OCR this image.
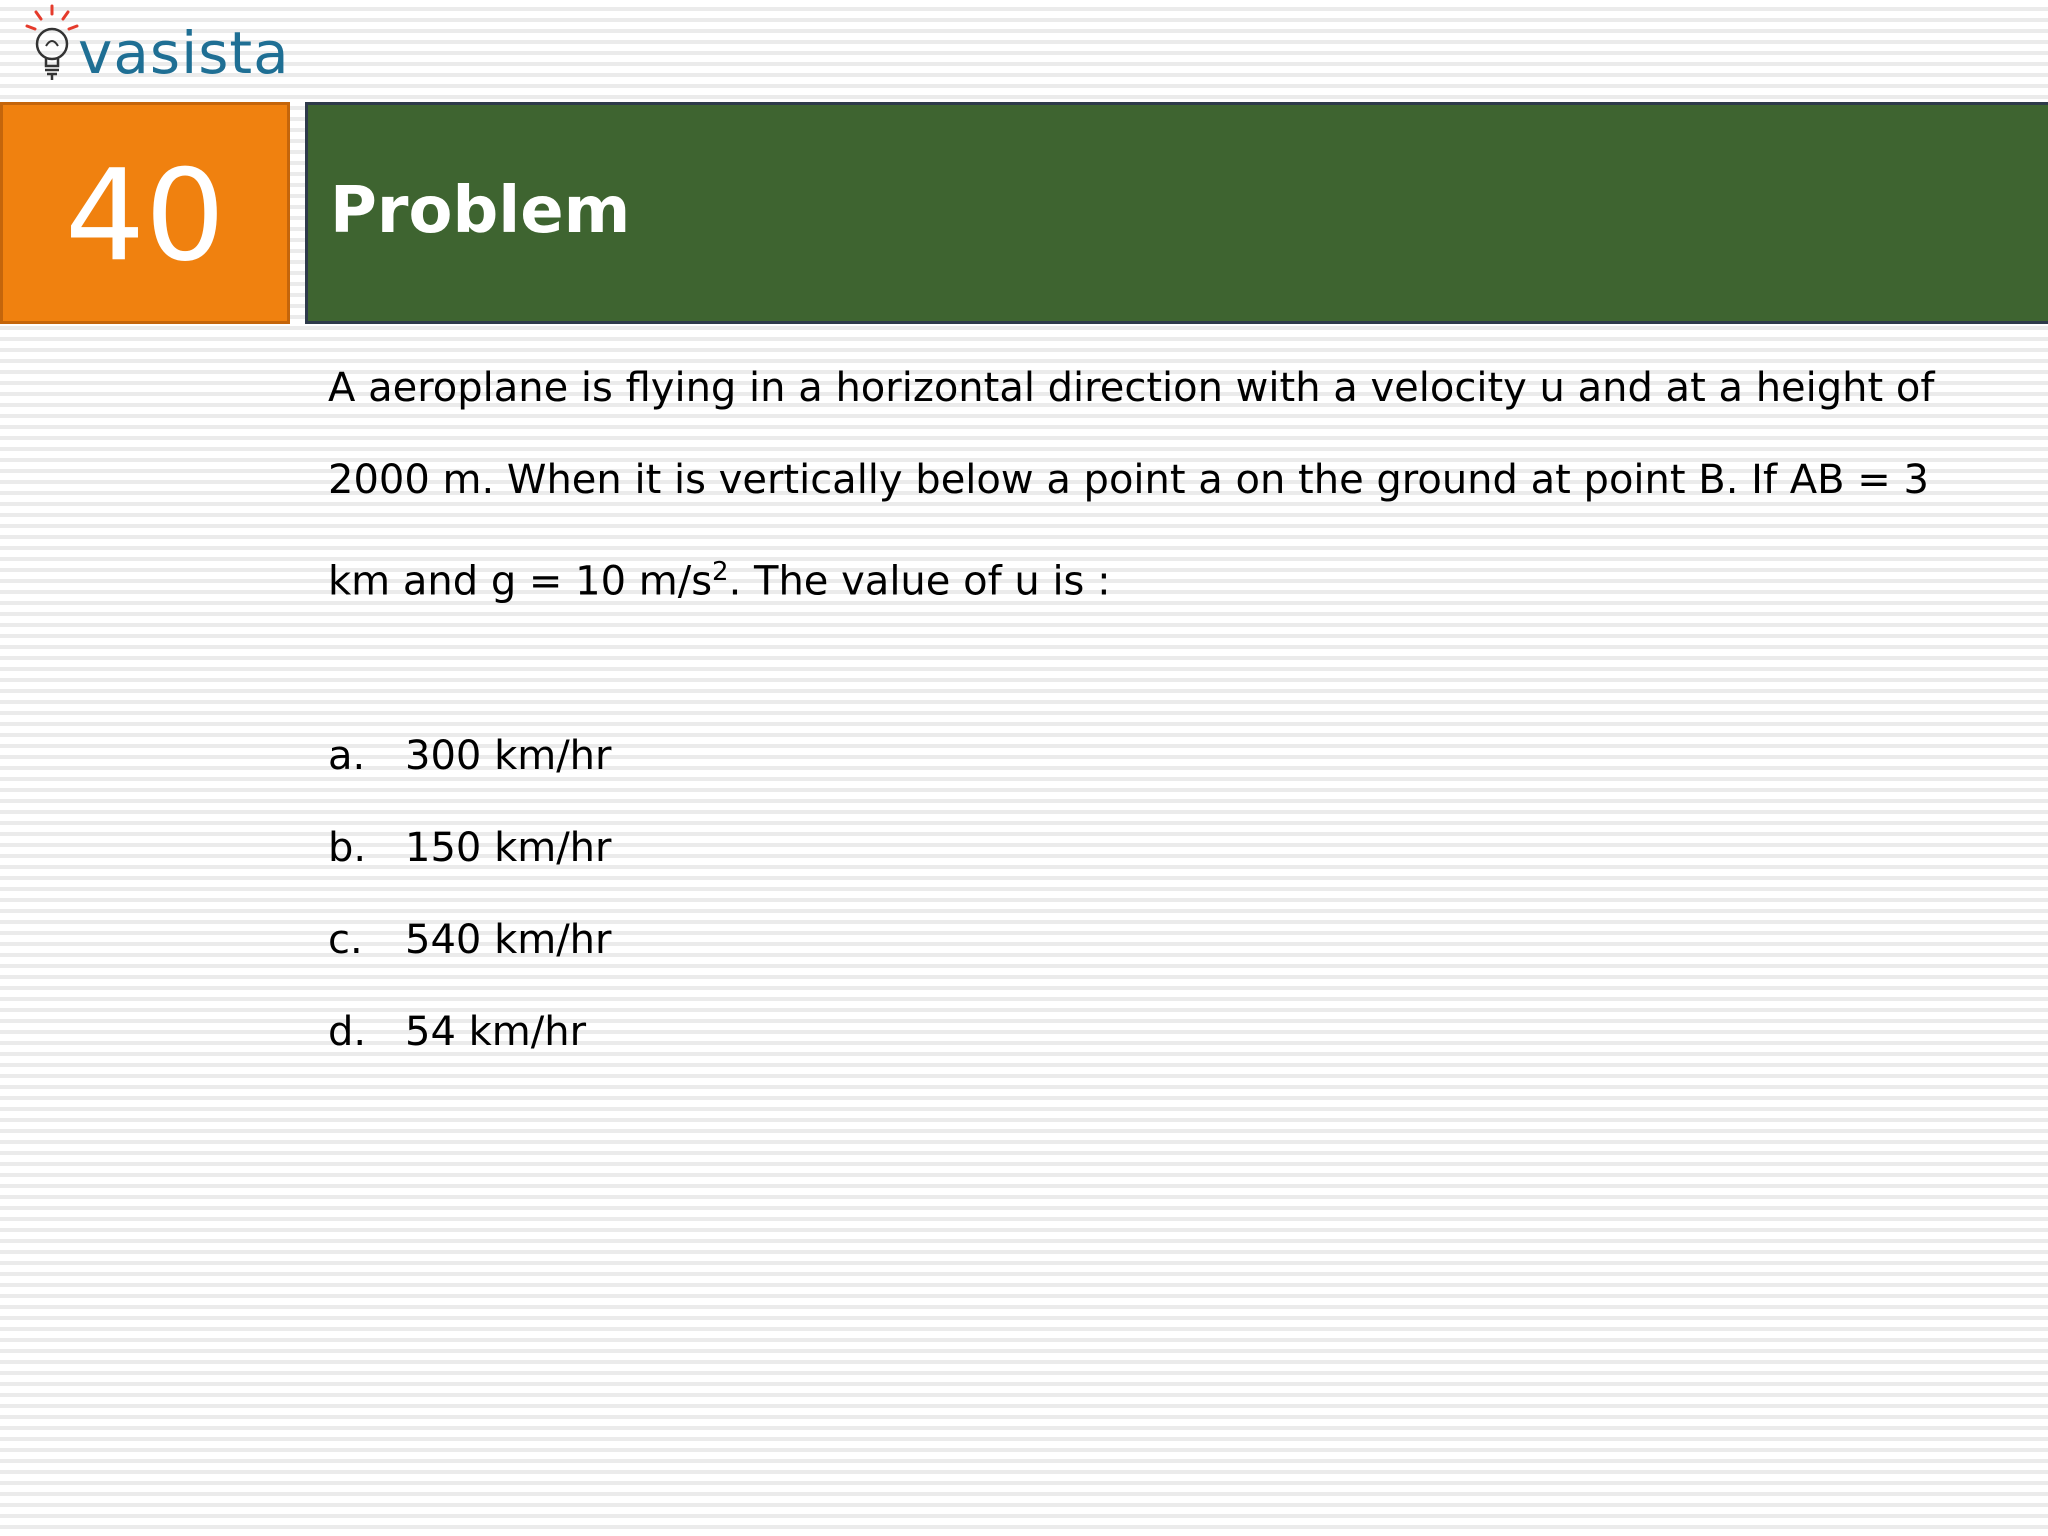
vasista
40 Problem

A aeroplane is flying in a horizontal direction with a velocity u and at a height of

2000 m. When it is vertically below a point a on the ground at point B. If AB = 3

km and g = 10 $m/s^2$. The value of u is :

a. 300 km/hr
b. 150 km/hr
c. 540 km/hr
d. 54 km/hr
